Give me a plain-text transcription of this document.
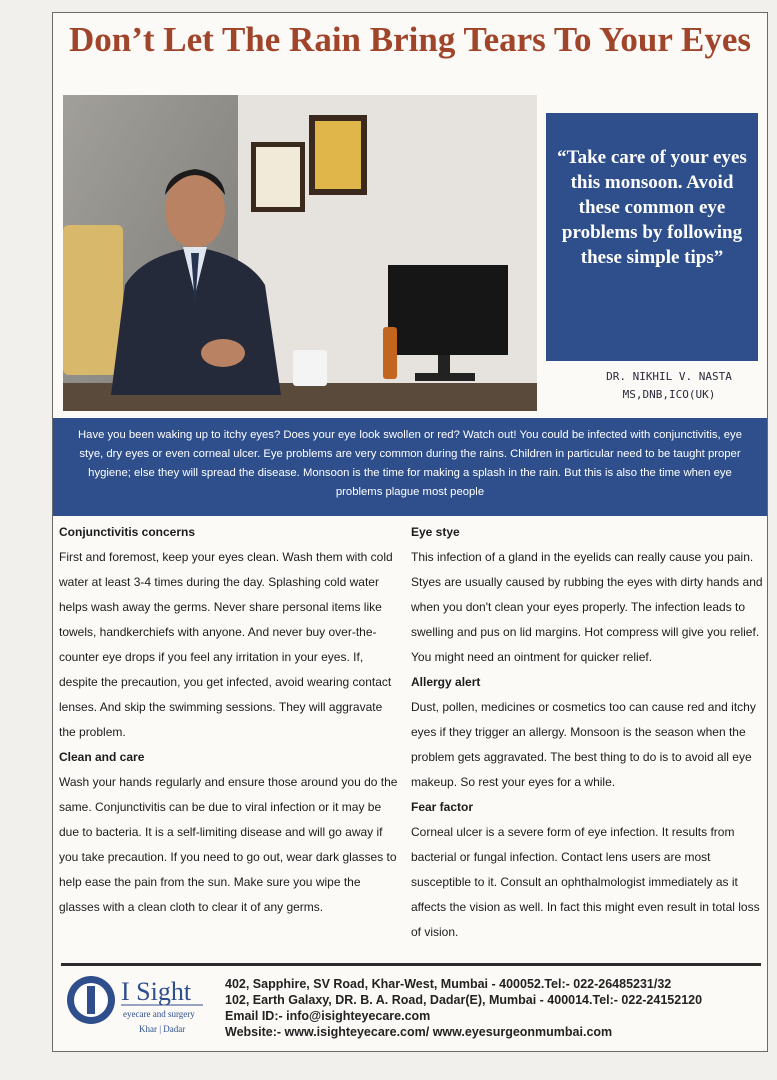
Don’t Let The Rain Bring Tears To Your Eyes
“Take care of your eyes this monsoon. Avoid these common eye problems by following these simple tips”
DR. NIKHIL V. NASTA
MS,DNB,ICO(UK)
Have you been waking up to itchy eyes? Does your eye look swollen or red? Watch out! You could be infected with conjunctivitis, eye stye, dry eyes or even corneal ulcer. Eye problems are very common during the rains. Children in particular need to be taught proper hygiene; else they will spread the disease. Monsoon is the time for making a splash in the rain. But this is also the time when eye problems plague most people
Conjunctivitis concerns

First and foremost, keep your eyes clean. Wash them with cold water at least 3-4 times during the day. Splashing cold water helps wash away the germs. Never share personal items like towels, handkerchiefs with anyone. And never buy over-the-counter eye drops if you feel any irritation in your eyes. If, despite the precaution, you get infected, avoid wearing contact lenses. And skip the swimming sessions. They will aggravate the problem.

Clean and care

Wash your hands regularly and ensure those around you do the same. Conjunctivitis can be due to viral infection or it may be due to bacteria. It is a self-limiting disease and will go away if you take precaution. If you need to go out, wear dark glasses to help ease the pain from the sun. Make sure you wipe the glasses with a clean cloth to clear it of any germs.

Eye stye

This infection of a gland in the eyelids can really cause you pain. Styes are usually caused by rubbing the eyes with dirty hands and when you don't clean your eyes properly. The infection leads to swelling and pus on lid margins. Hot compress will give you relief. You might need an ointment for quicker relief.

Allergy alert

Dust, pollen, medicines or cosmetics too can cause red and itchy eyes if they trigger an allergy. Monsoon is the season when the problem gets aggravated. The best thing to do is to avoid all eye makeup. So rest your eyes for a while.

Fear factor

Corneal ulcer is a severe form of eye infection. It results from bacterial or fungal infection. Contact lens users are most susceptible to it. Consult an ophthalmologist immediately as it affects the vision as well. In fact this might even result in total loss of vision.

I Sight
eyecare and surgery
Khar | Dadar
402, Sapphire, SV Road, Khar-West, Mumbai - 400052.Tel:- 022-26485231/32
102, Earth Galaxy, DR. B. A. Road, Dadar(E), Mumbai - 400014.Tel:- 022-24152120
Email ID:- info@isighteyecare.com
Website:- www.isighteyecare.com/ www.eyesurgeonmumbai.com
